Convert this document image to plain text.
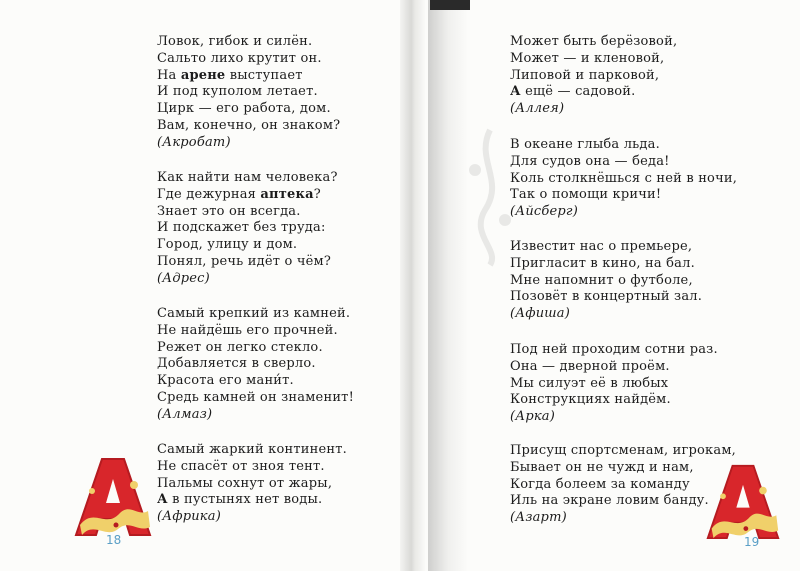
Ловок, гибок и силён.
Сальто лихо крутит он.
На арене выступает
И под куполом летает.
Цирк — его работа, дом.
Вам, конечно, он знаком?
(Акробат)
Как найти нам человека?
Где дежурная аптека?
Знает это он всегда.
И подскажет без труда:
Город, улицу и дом.
Понял, речь идёт о чём?
(Адрес)
Самый крепкий из камней.
Не найдёшь его прочней.
Режет он легко стекло.
Добавляется в сверло.
Красота его мани́т.
Средь камней он знаменит!
(Алмаз)
Самый жаркий континент.
Не спасёт от зноя тент.
Пальмы сохнут от жары,
А в пустынях нет воды.
(Африка)
Может быть берёзовой,
Может — и кленовой,
Липовой и парковой,
А ещё — садовой.
(Аллея)
В океане глыба льда.
Для судов она — беда!
Коль столкнёшься с ней в ночи,
Так о помощи кричи!
(Айсберг)
Известит нас о премьере,
Пригласит в кино, на бал.
Мне напомнит о футболе,
Позовёт в концертный зал.
(Афиша)
Под ней проходим сотни раз.
Она — дверной проём.
Мы силуэт её в любых
Конструкциях найдём.
(Арка)
Присущ спортсменам, игрокам,
Бывает он не чужд и нам,
Когда болеем за команду
Иль на экране ловим банду.
(Азарт)
18	19
